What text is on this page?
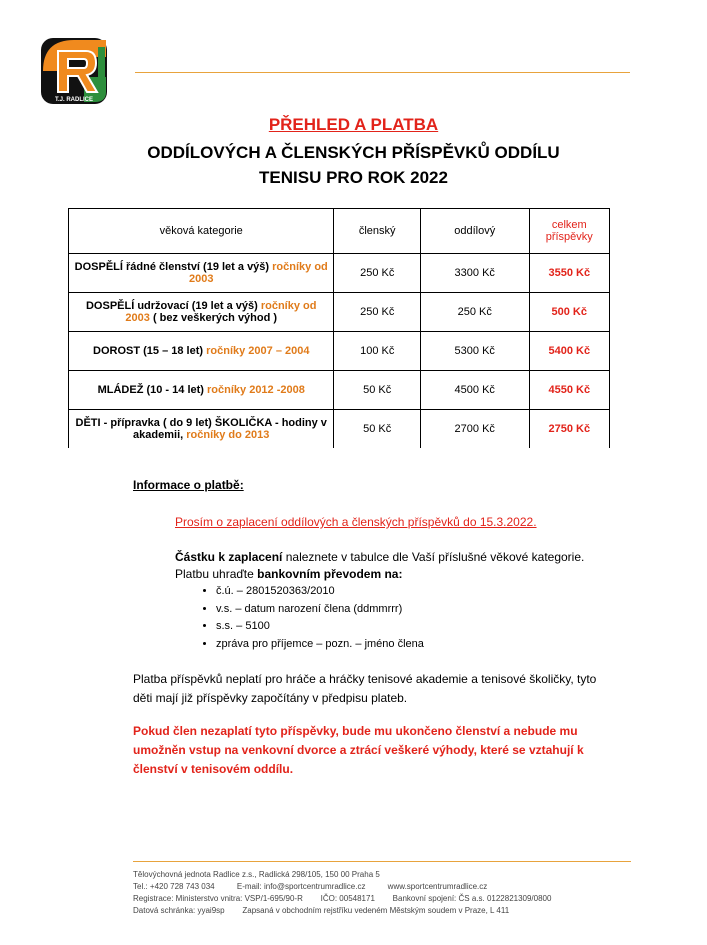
T.J. RADLICE
PŘEHLED A PLATBA
ODDÍLOVÝCH A ČLENSKÝCH PŘÍSPĚVKŮ ODDÍLU
TENISU PRO ROK 2022
věková kategorie	členský	oddílový	celkem příspěvky
DOSPĚLÍ řádné členství (19 let a výš) ročníky od 2003	250 Kč	3300 Kč	3550 Kč
DOSPĚLÍ udržovací (19 let a výš) ročníky od 2003 ( bez veškerých výhod )	250 Kč	250 Kč	500 Kč
DOROST (15 – 18 let) ročníky 2007 – 2004	100 Kč	5300 Kč	5400 Kč
MLÁDEŽ (10 - 14 let) ročníky 2012 -2008	50 Kč	4500 Kč	4550 Kč
DĚTI - přípravka ( do 9 let) ŠKOLIČKA - hodiny v akademii, ročníky do 2013	50 Kč	2700 Kč	2750 Kč
Informace o platbě:
Prosím o zaplacení oddílových a členských příspěvků do 15.3.2022.
Částku k zaplacení naleznete v tabulce dle Vaší příslušné věkové kategorie.
Platbu uhraďte bankovním převodem na:
• č.ú. – 2801520363/2010
• v.s. – datum narození člena (ddmmrrr)
• s.s. – 5100
• zpráva pro příjemce – pozn. – jméno člena
Platba příspěvků neplatí pro hráče a hráčky tenisové akademie a tenisové školičky, tyto děti mají již příspěvky započítány v předpisu plateb.
Pokud člen nezaplatí tyto příspěvky, bude mu ukončeno členství a nebude mu umožněn vstup na venkovní dvorce a ztrácí veškeré výhody, které se vztahují k členství v tenisovém oddílu.
Tělovýchovná jednota Radlice z.s., Radlická 298/105, 150 00 Praha 5
Tel.: +420 728 743 034          E-mail: info@sportcentrumradlice.cz          www.sportcentrumradlice.cz
Registrace: Ministerstvo vnitra: VSP/1-695/90-R        IČO: 00548171        Bankovní spojení: ČS a.s. 0122821309/0800
Datová schránka: yyai9sp        Zapsaná v obchodním rejstříku vedeném Městským soudem v Praze, L 411
